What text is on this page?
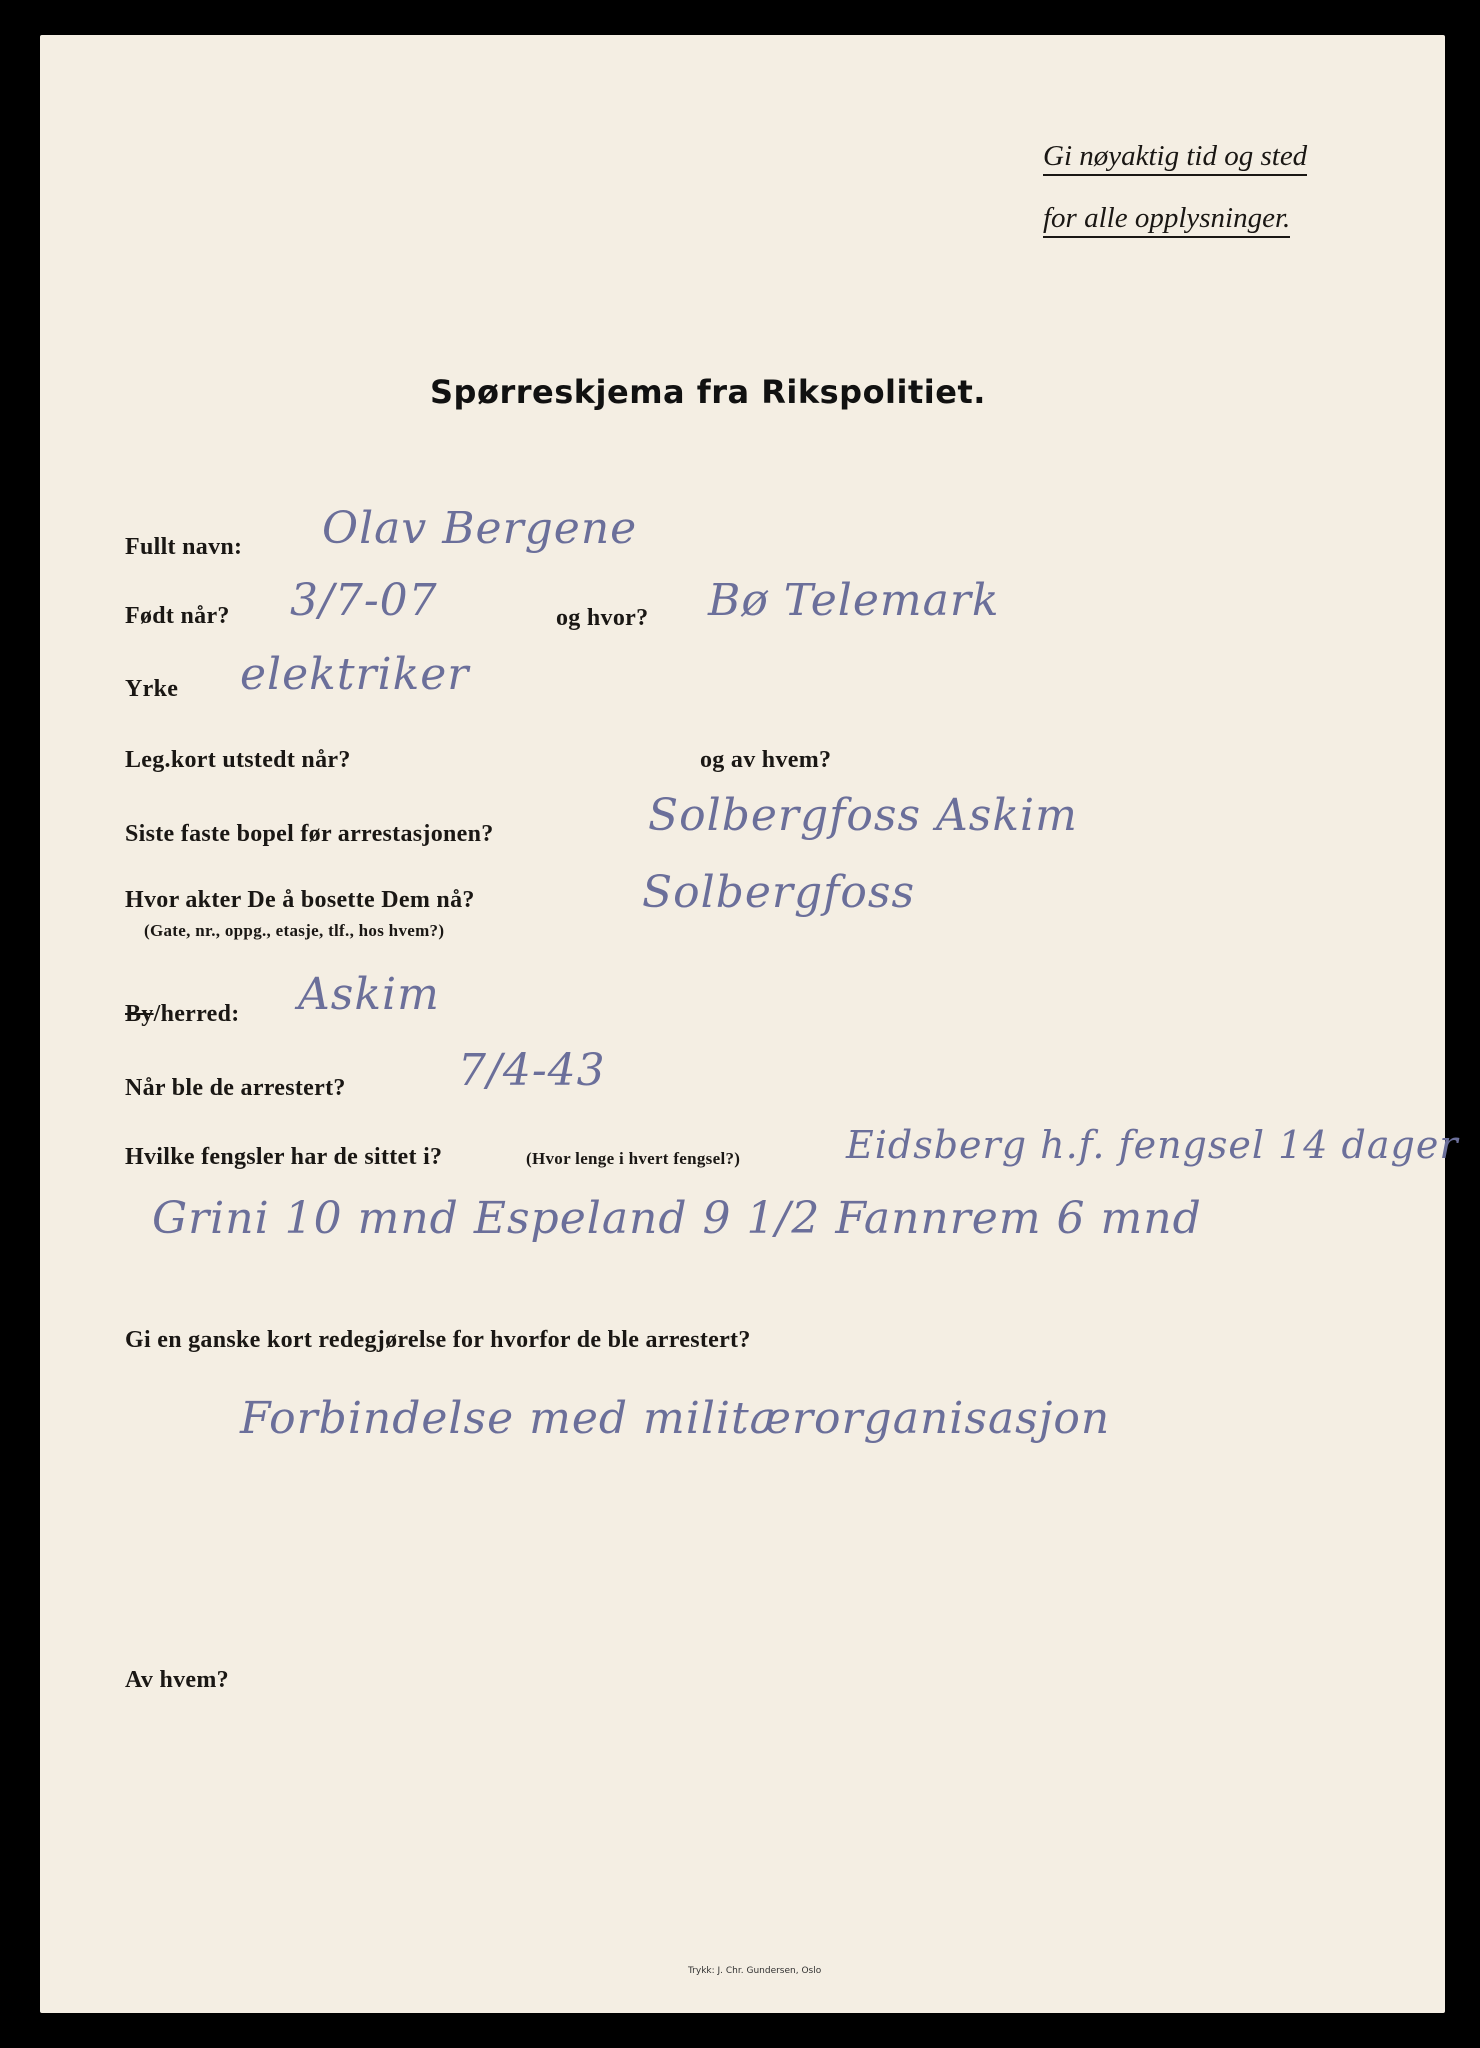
Gi nøyaktig tid og sted
for alle opplysninger.
Spørreskjema fra Rikspolitiet.
Fullt navn: Olav Bergene
Født når? 3/7-07	og hvor? Bø Telemark
Yrke elektriker
Leg.kort utstedt når?	og av hvem?
Siste faste bopel før arrestasjonen?	Solbergfoss Askim
Hvor akter De å bosette Dem nå?
(Gate, nr., oppg., etasje, tlf., hos hvem?)
Solbergfoss
By/herred: Askim
Når ble de arrestert?	7/4-43
Hvilke fengsler har de sittet i?	(Hvor lenge i hvert fengsel?)	Eidsberg h.f. fengsel 14 dager
Grini 10 mnd Espeland 9 1/2 Fannrem 6 mnd
Gi en ganske kort redegjørelse for hvorfor de ble arrestert?
Forbindelse med militærorganisasjon
Av hvem?
Trykk: J. Chr. Gundersen, Oslo
